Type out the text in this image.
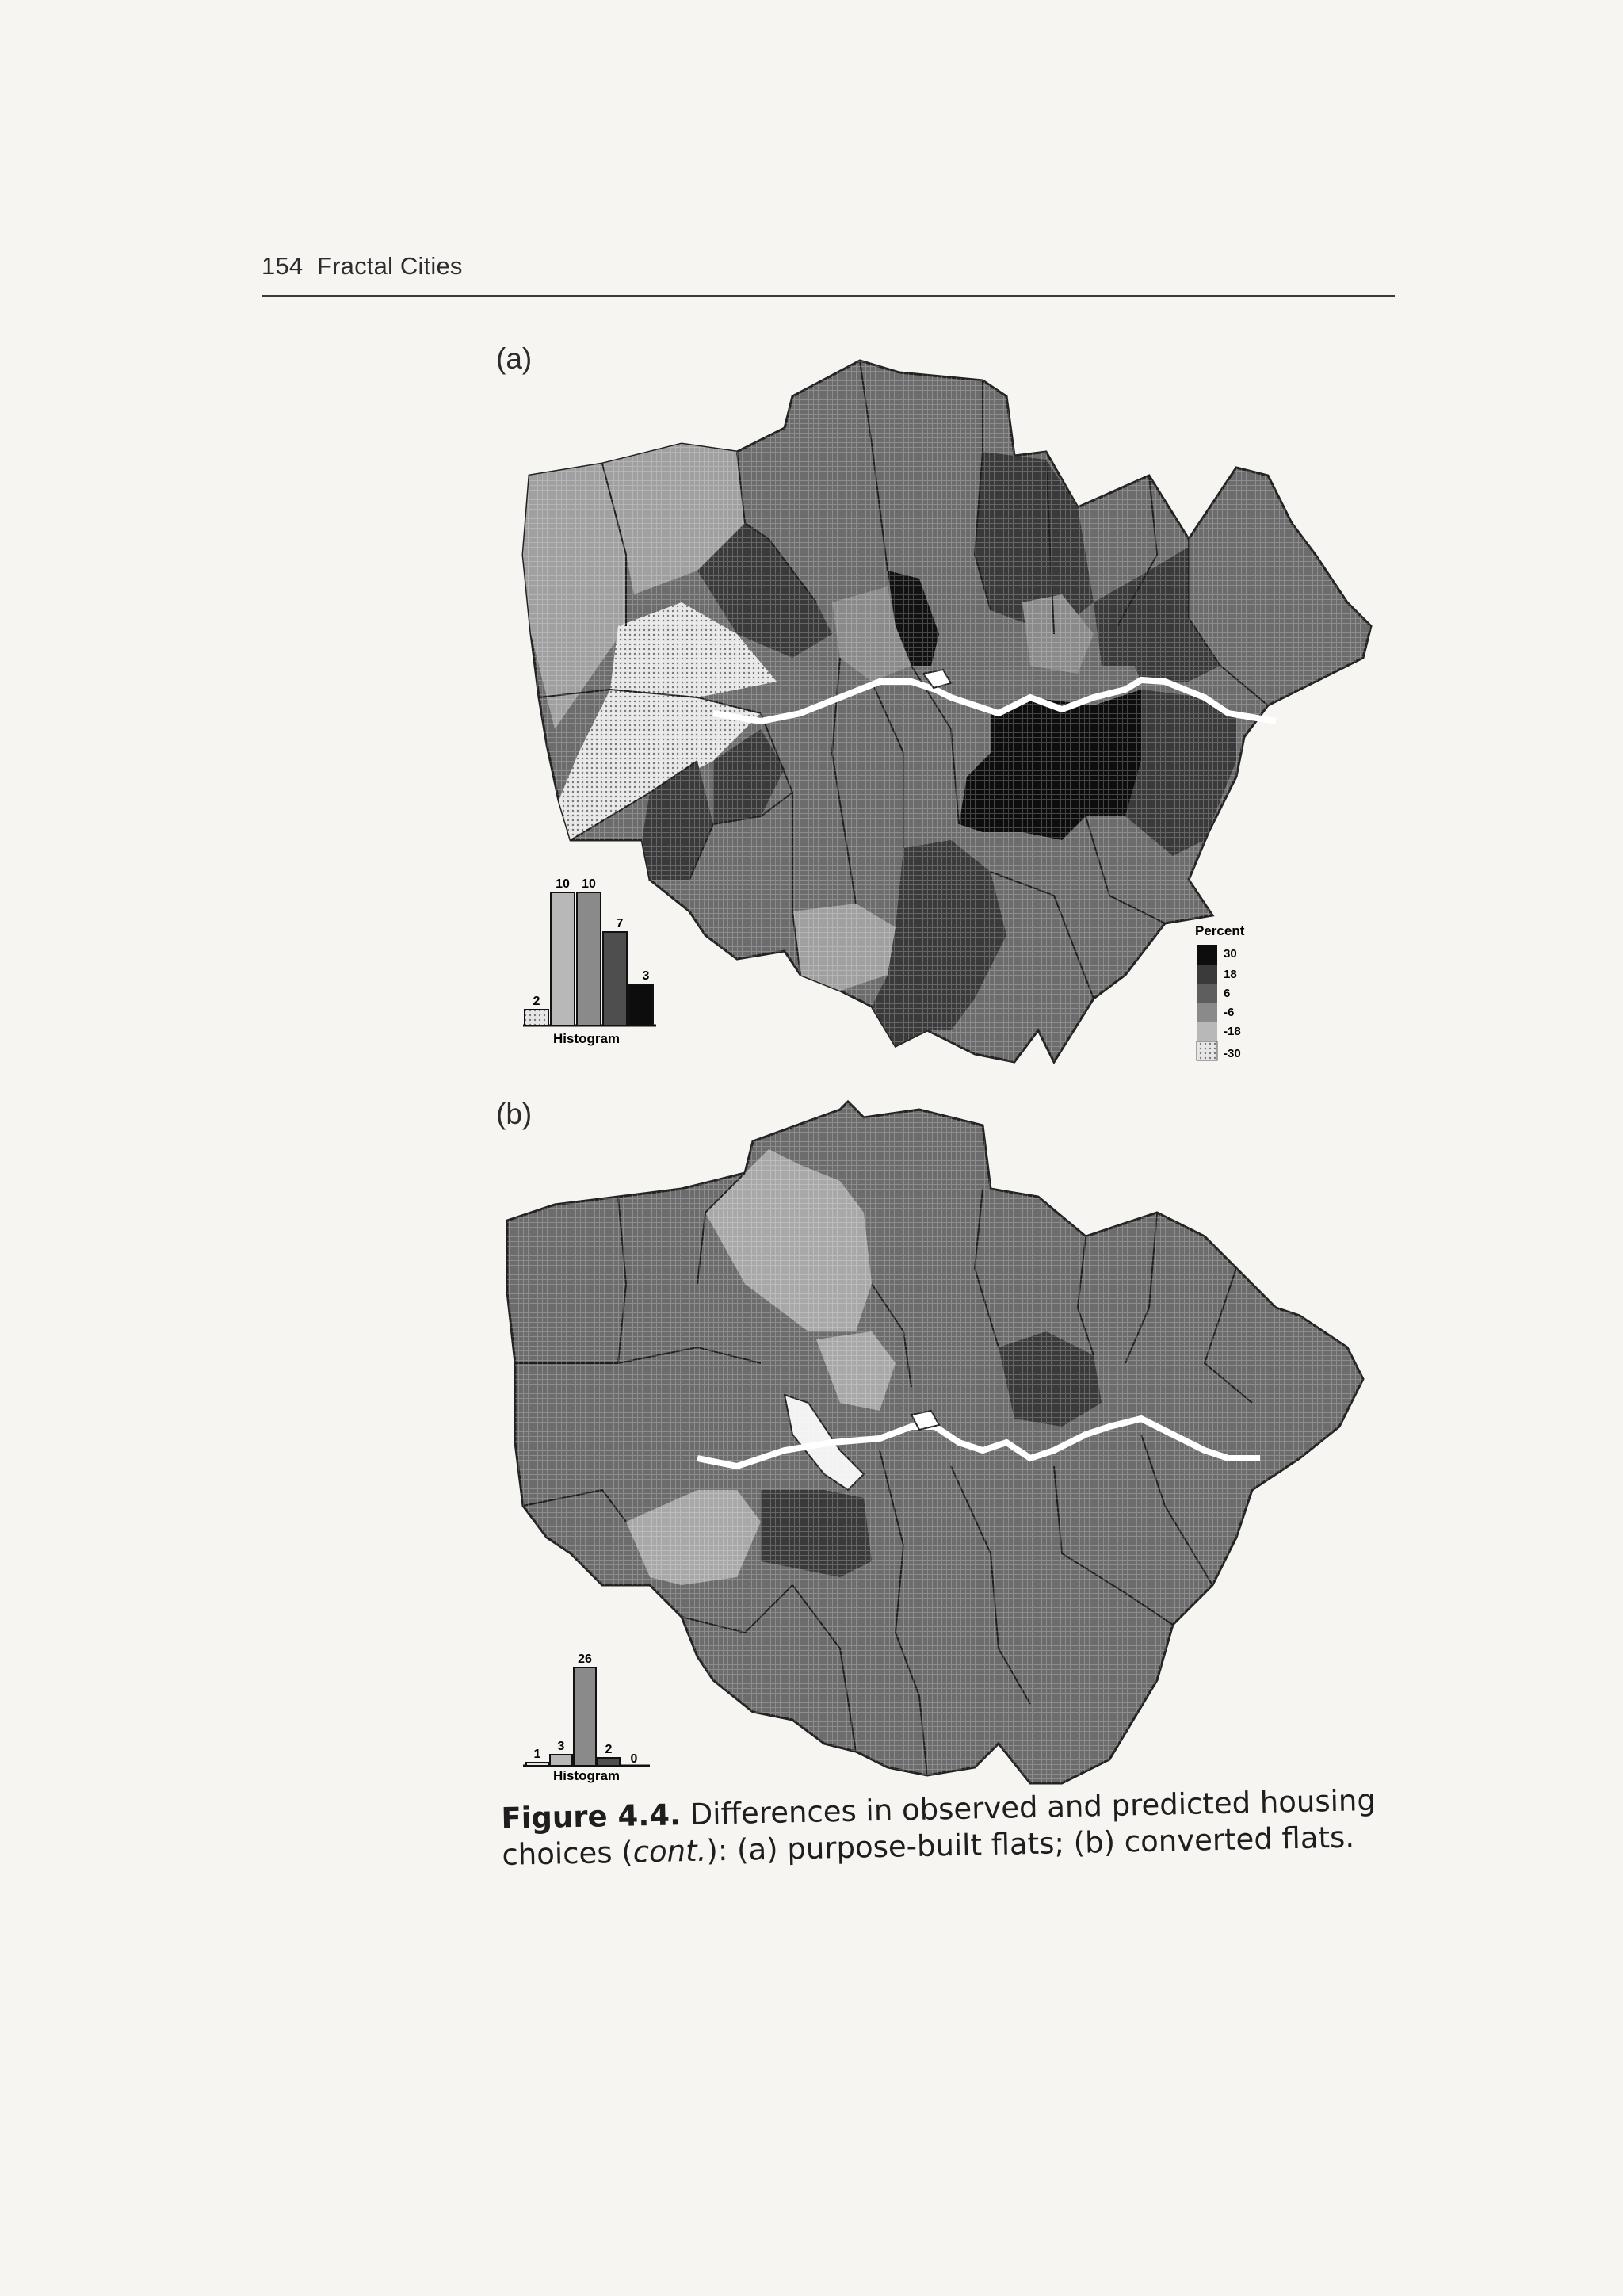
154 Fractal Cities
(a)
(b)
2
10 10
7
3
Histogram
Percent
30
18
6
-6
-18
-30
1
3
26
2
0
Histogram
Figure 4.4. Differences in observed and predicted housing choices (cont.): (a) purpose-built flats; (b) converted flats.
